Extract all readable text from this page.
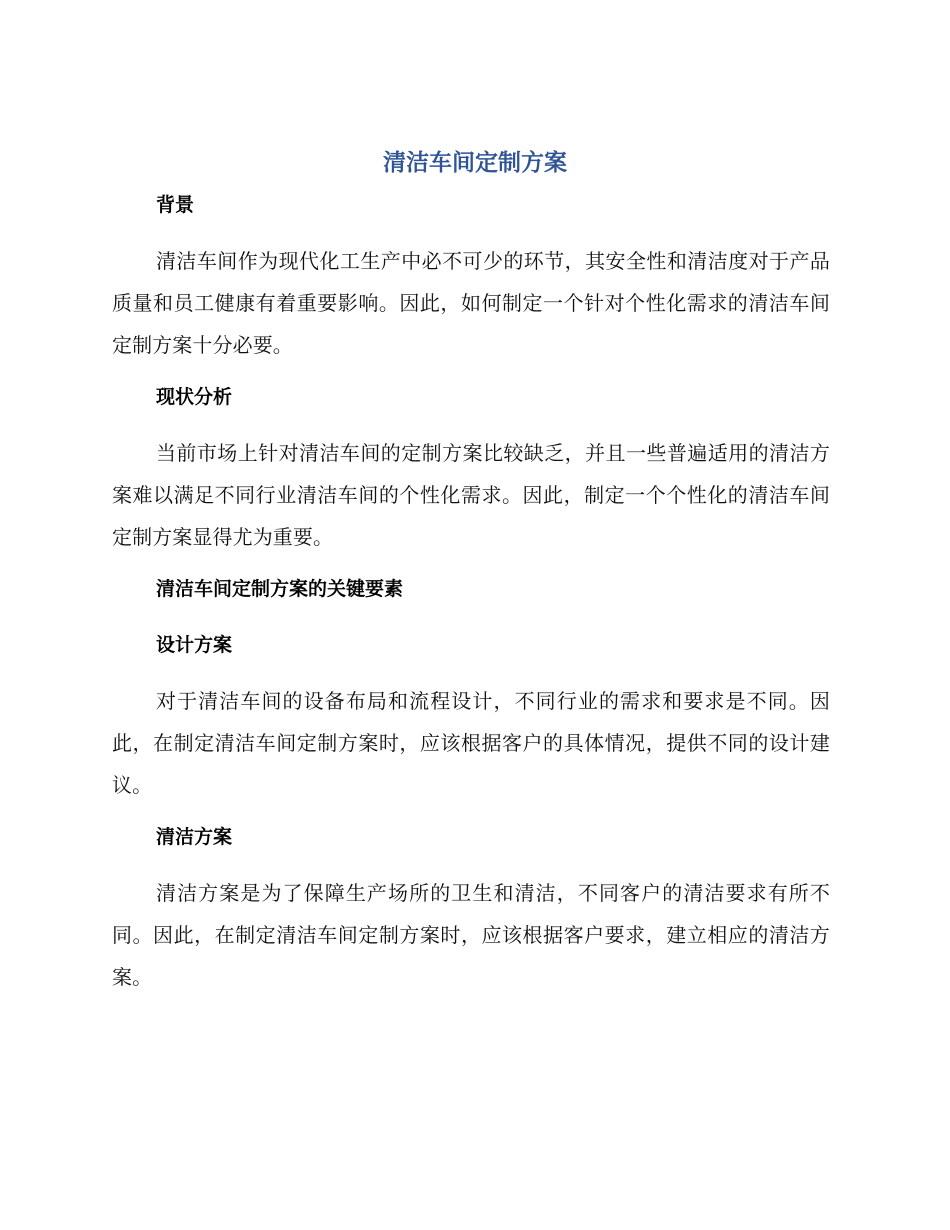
清洁车间定制方案
背景

清洁车间作为现代化工生产中必不可少的环节，其安全性和清洁度对于产品质量和员工健康有着重要影响。因此，如何制定一个针对个性化需求的清洁车间定制方案十分必要。

现状分析

当前市场上针对清洁车间的定制方案比较缺乏，并且一些普遍适用的清洁方案难以满足不同行业清洁车间的个性化需求。因此，制定一个个性化的清洁车间定制方案显得尤为重要。

清洁车间定制方案的关键要素
设计方案

对于清洁车间的设备布局和流程设计，不同行业的需求和要求是不同。因此，在制定清洁车间定制方案时，应该根据客户的具体情况，提供不同的设计建议。

清洁方案

清洁方案是为了保障生产场所的卫生和清洁，不同客户的清洁要求有所不同。因此，在制定清洁车间定制方案时，应该根据客户要求，建立相应的清洁方案。
